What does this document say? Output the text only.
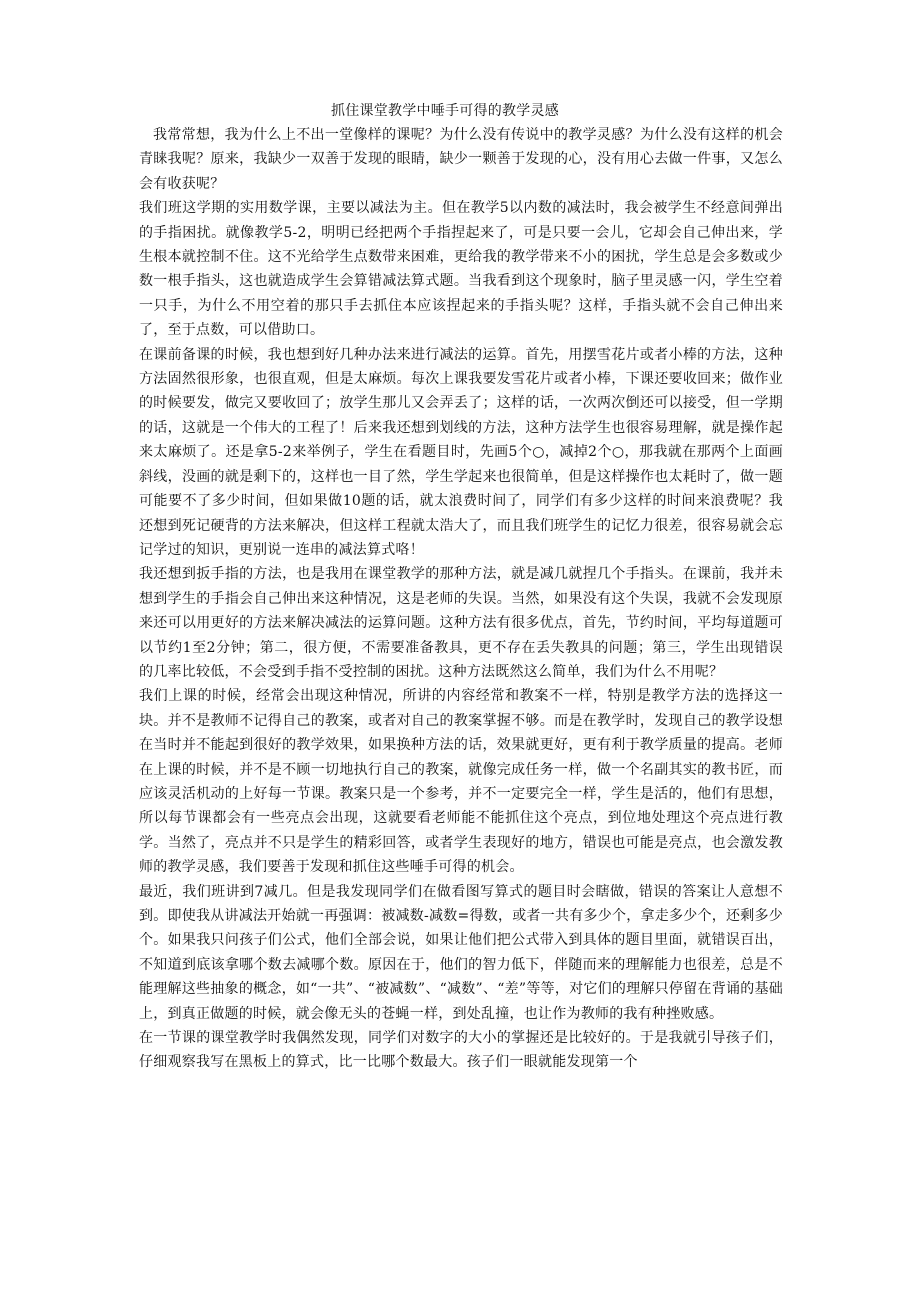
抓住课堂教学中唾手可得的教学灵感

我常常想，我为什么上不出一堂像样的课呢？为什么没有传说中的教学灵感？为什么没有这样的机会青睐我呢？原来，我缺少一双善于发现的眼睛，缺少一颗善于发现的心，没有用心去做一件事，又怎么会有收获呢？

我们班这学期的实用数学课，主要以减法为主。但在教学5以内数的减法时，我会被学生不经意间弹出的手指困扰。就像教学5-2，明明已经把两个手指捏起来了，可是只要一会儿，它却会自己伸出来，学生根本就控制不住。这不光给学生点数带来困难，更给我的教学带来不小的困扰，学生总是会多数或少数一根手指头，这也就造成学生会算错减法算式题。当我看到这个现象时，脑子里灵感一闪，学生空着一只手，为什么不用空着的那只手去抓住本应该捏起来的手指头呢？这样，手指头就不会自己伸出来了，至于点数，可以借助口。

在课前备课的时候，我也想到好几种办法来进行减法的运算。首先，用摆雪花片或者小棒的方法，这种方法固然很形象，也很直观，但是太麻烦。每次上课我要发雪花片或者小棒，下课还要收回来；做作业的时候要发，做完又要收回了；放学生那儿又会弄丢了；这样的话，一次两次倒还可以接受，但一学期的话，这就是一个伟大的工程了！后来我还想到划线的方法，这种方法学生也很容易理解，就是操作起来太麻烦了。还是拿5-2来举例子，学生在看题目时，先画5个○，减掉2个○，那我就在那两个上面画斜线，没画的就是剩下的，这样也一目了然，学生学起来也很简单，但是这样操作也太耗时了，做一题可能要不了多少时间，但如果做10题的话，就太浪费时间了，同学们有多少这样的时间来浪费呢？我还想到死记硬背的方法来解决，但这样工程就太浩大了，而且我们班学生的记忆力很差，很容易就会忘记学过的知识，更别说一连串的减法算式咯！

我还想到扳手指的方法，也是我用在课堂教学的那种方法，就是减几就捏几个手指头。在课前，我并未想到学生的手指会自己伸出来这种情况，这是老师的失误。当然，如果没有这个失误，我就不会发现原来还可以用更好的方法来解决减法的运算问题。这种方法有很多优点，首先，节约时间，平均每道题可以节约1至2分钟；第二，很方便，不需要准备教具，更不存在丢失教具的问题；第三，学生出现错误的几率比较低，不会受到手指不受控制的困扰。这种方法既然这么简单，我们为什么不用呢？

我们上课的时候，经常会出现这种情况，所讲的内容经常和教案不一样，特别是教学方法的选择这一块。并不是教师不记得自己的教案，或者对自己的教案掌握不够。而是在教学时，发现自己的教学设想在当时并不能起到很好的教学效果，如果换种方法的话，效果就更好，更有利于教学质量的提高。老师在上课的时候，并不是不顾一切地执行自己的教案，就像完成任务一样，做一个名副其实的教书匠，而应该灵活机动的上好每一节课。教案只是一个参考，并不一定要完全一样，学生是活的，他们有思想，所以每节课都会有一些亮点会出现，这就要看老师能不能抓住这个亮点，到位地处理这个亮点进行教学。当然了，亮点并不只是学生的精彩回答，或者学生表现好的地方，错误也可能是亮点，也会激发教师的教学灵感，我们要善于发现和抓住这些唾手可得的机会。

最近，我们班讲到7减几。但是我发现同学们在做看图写算式的题目时会瞎做，错误的答案让人意想不到。即使我从讲减法开始就一再强调：被减数-减数=得数，或者一共有多少个，拿走多少个，还剩多少个。如果我只问孩子们公式，他们全部会说，如果让他们把公式带入到具体的题目里面，就错误百出，不知道到底该拿哪个数去减哪个数。原因在于，他们的智力低下，伴随而来的理解能力也很差，总是不能理解这些抽象的概念，如“一共”、“被减数”、“减数”、“差”等等，对它们的理解只停留在背诵的基础上，到真正做题的时候，就会像无头的苍蝇一样，到处乱撞，也让作为教师的我有种挫败感。

在一节课的课堂教学时我偶然发现，同学们对数字的大小的掌握还是比较好的。于是我就引导孩子们，仔细观察我写在黑板上的算式，比一比哪个数最大。孩子们一眼就能发现第一个
